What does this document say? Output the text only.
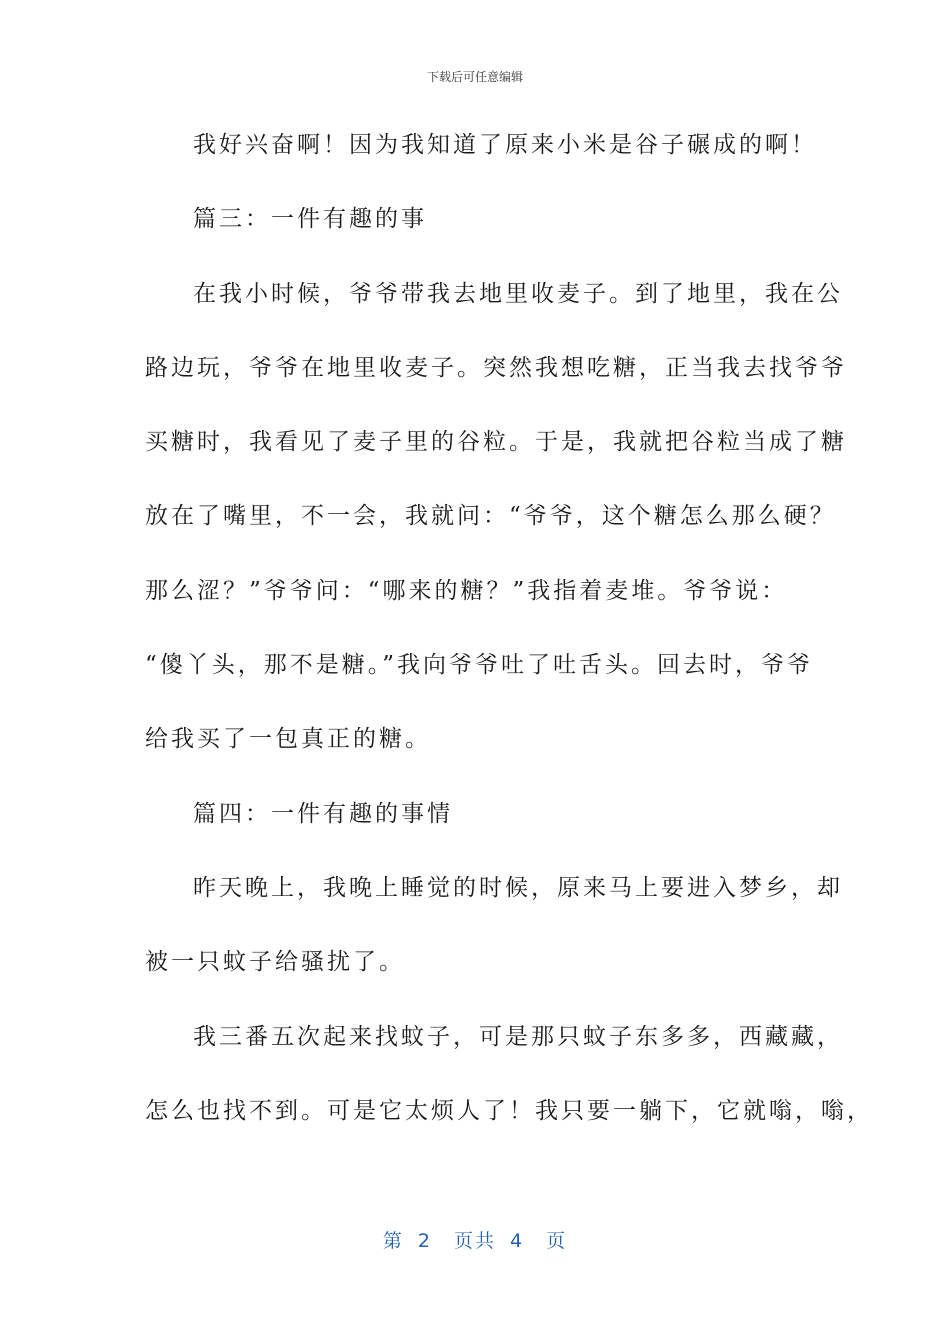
下载后可任意编辑
我好兴奋啊！因为我知道了原来小米是谷子碾成的啊！
篇三：一件有趣的事
在我小时候，爷爷带我去地里收麦子。到了地里，我在公
路边玩，爷爷在地里收麦子。突然我想吃糖，正当我去找爷爷
买糖时，我看见了麦子里的谷粒。于是，我就把谷粒当成了糖
放在了嘴里，不一会，我就问：“爷爷，这个糖怎么那么硬？
那么涩？”爷爷问：“哪来的糖？”我指着麦堆。爷爷说：
“傻丫头，那不是糖。”我向爷爷吐了吐舌头。回去时，爷爷
给我买了一包真正的糖。
篇四：一件有趣的事情
昨天晚上，我晚上睡觉的时候，原来马上要进入梦乡，却
被一只蚊子给骚扰了。
我三番五次起来找蚊子，可是那只蚊子东多多，西藏藏，
怎么也找不到。可是它太烦人了！我只要一躺下，它就嗡，嗡，
第 2 页共 4 页
